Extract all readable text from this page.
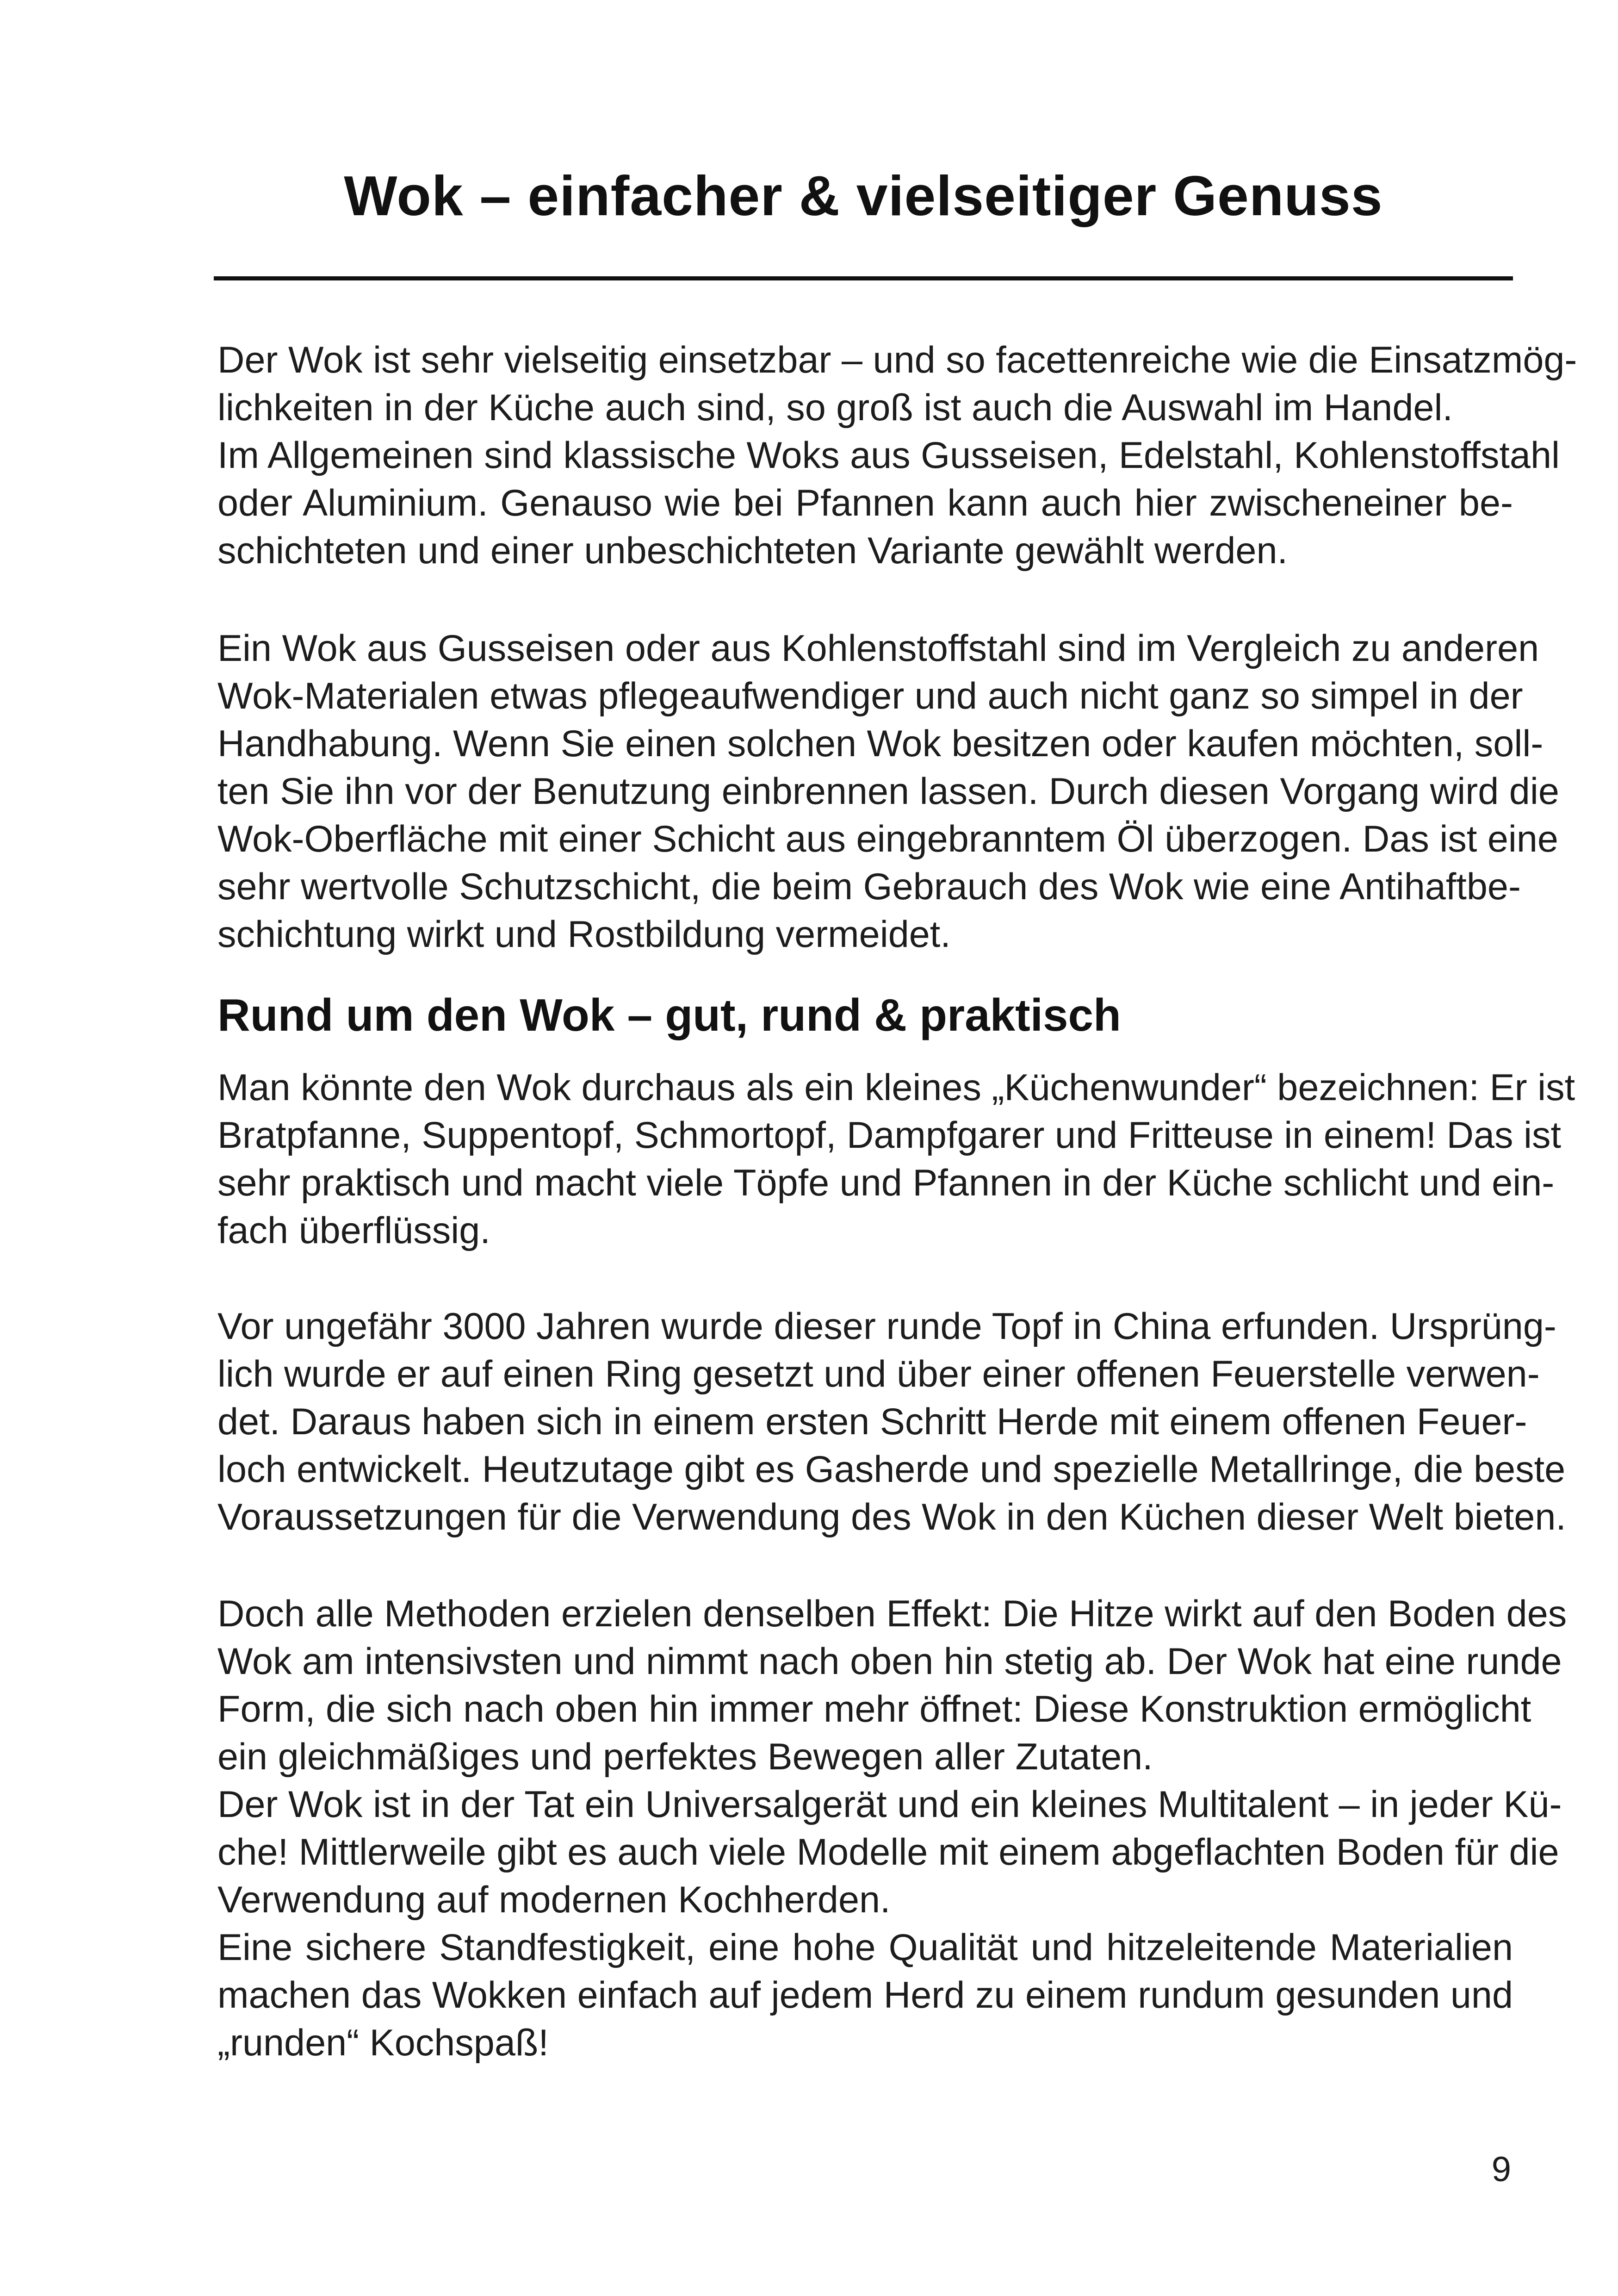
Wok – einfacher & vielseitiger Genuss

Der Wok ist sehr vielseitig einsetzbar – und so facettenreiche wie die Einsatzmög-
lichkeiten in der Küche auch sind, so groß ist auch die Auswahl im Handel.
Im Allgemeinen sind klassische Woks aus Gusseisen, Edelstahl, Kohlenstoffstahl
oder Aluminium. Genauso wie bei Pfannen kann auch hier zwischeneiner be-
schichteten und einer unbeschichteten Variante gewählt werden.

Ein Wok aus Gusseisen oder aus Kohlenstoffstahl sind im Vergleich zu anderen
Wok-Materialen etwas pflegeaufwendiger und auch nicht ganz so simpel in der
Handhabung. Wenn Sie einen solchen Wok besitzen oder kaufen möchten, soll-
ten Sie ihn vor der Benutzung einbrennen lassen. Durch diesen Vorgang wird die
Wok-Oberfläche mit einer Schicht aus eingebranntem Öl überzogen. Das ist eine
sehr wertvolle Schutzschicht, die beim Gebrauch des Wok wie eine Antihaftbe-
schichtung wirkt und Rostbildung vermeidet.

Rund um den Wok – gut, rund & praktisch

Man könnte den Wok durchaus als ein kleines „Küchenwunder“ bezeichnen: Er ist
Bratpfanne, Suppentopf, Schmortopf, Dampfgarer und Fritteuse in einem! Das ist
sehr praktisch und macht viele Töpfe und Pfannen in der Küche schlicht und ein-
fach überflüssig.

Vor ungefähr 3000 Jahren wurde dieser runde Topf in China erfunden. Ursprüng-
lich wurde er auf einen Ring gesetzt und über einer offenen Feuerstelle verwen-
det. Daraus haben sich in einem ersten Schritt Herde mit einem offenen Feuer-
loch entwickelt. Heutzutage gibt es Gasherde und spezielle Metallringe, die beste
Voraussetzungen für die Verwendung des Wok in den Küchen dieser Welt bieten.

Doch alle Methoden erzielen denselben Effekt: Die Hitze wirkt auf den Boden des
Wok am intensivsten und nimmt nach oben hin stetig ab. Der Wok hat eine runde
Form, die sich nach oben hin immer mehr öffnet: Diese Konstruktion ermöglicht
ein gleichmäßiges und perfektes Bewegen aller Zutaten.
Der Wok ist in der Tat ein Universalgerät und ein kleines Multitalent – in jeder Kü-
che! Mittlerweile gibt es auch viele Modelle mit einem abgeflachten Boden für die
Verwendung auf modernen Kochherden.
Eine sichere Standfestigkeit, eine hohe Qualität und hitzeleitende Materialien
machen das Wokken einfach auf jedem Herd zu einem rundum gesunden und
„runden“ Kochspaß!

9
